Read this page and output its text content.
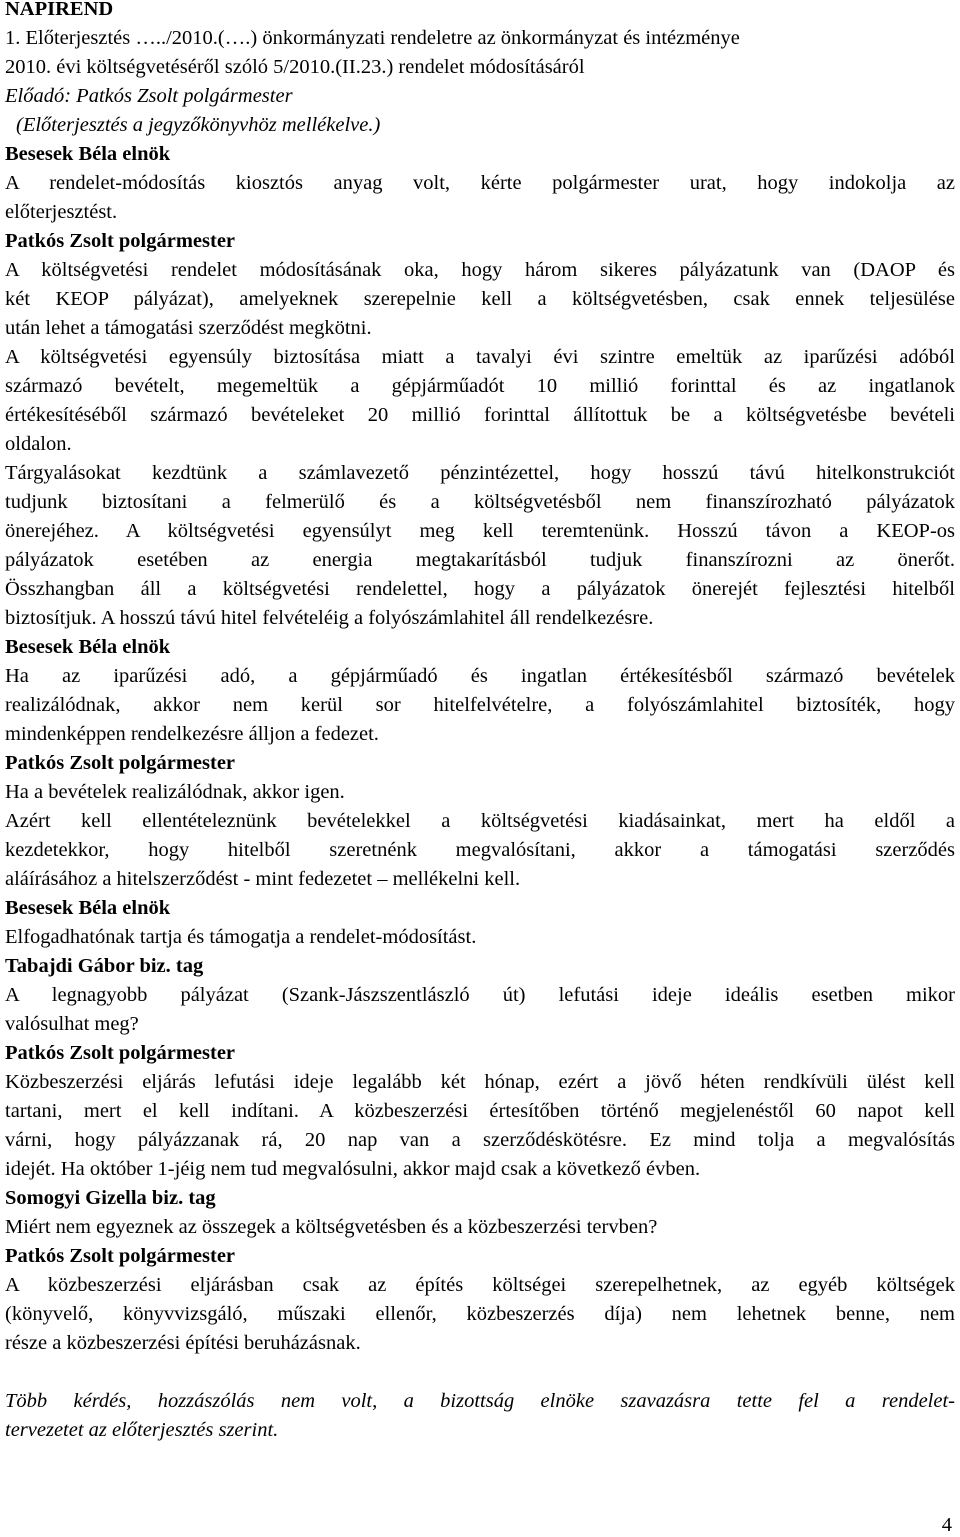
NAPIREND
1. Előterjesztés …../2010.(….) önkormányzati rendeletre az önkormányzat és intézménye
2010. évi költségvetéséről szóló 5/2010.(II.23.) rendelet módosításáról
Előadó: Patkós Zsolt polgármester
(Előterjesztés a jegyzőkönyvhöz mellékelve.)
Besesek Béla elnök
A rendelet-módosítás kiosztós anyag volt, kérte polgármester urat, hogy indokolja az
előterjesztést.
Patkós Zsolt polgármester
A költségvetési rendelet módosításának oka, hogy három sikeres pályázatunk van (DAOP és
két KEOP pályázat), amelyeknek szerepelnie kell a költségvetésben, csak ennek teljesülése
után lehet a támogatási szerződést megkötni.
A költségvetési egyensúly biztosítása miatt a tavalyi évi szintre emeltük az iparűzési adóból
származó bevételt, megemeltük a gépjárműadót 10 millió forinttal és az ingatlanok
értékesítéséből származó bevételeket 20 millió forinttal állítottuk be a költségvetésbe bevételi
oldalon.
Tárgyalásokat kezdtünk a számlavezető pénzintézettel, hogy hosszú távú hitelkonstrukciót
tudjunk biztosítani a felmerülő és a költségvetésből nem finanszírozható pályázatok
önerejéhez. A költségvetési egyensúlyt meg kell teremtenünk. Hosszú távon a KEOP-os
pályázatok esetében az energia megtakarításból tudjuk finanszírozni az önerőt.
Összhangban áll a költségvetési rendelettel, hogy a pályázatok önerejét fejlesztési hitelből
biztosítjuk. A hosszú távú hitel felvételéig a folyószámlahitel áll rendelkezésre.
Besesek Béla elnök
Ha az iparűzési adó, a gépjárműadó és ingatlan értékesítésből származó bevételek
realizálódnak, akkor nem kerül sor hitelfelvételre, a folyószámlahitel biztosíték, hogy
mindenképpen rendelkezésre álljon a fedezet.
Patkós Zsolt polgármester
Ha a bevételek realizálódnak, akkor igen.
Azért kell ellentételeznünk bevételekkel a költségvetési kiadásainkat, mert ha eldől a
kezdetekkor, hogy hitelből szeretnénk megvalósítani, akkor a támogatási szerződés
aláírásához a hitelszerződést - mint fedezetet – mellékelni kell.
Besesek Béla elnök
Elfogadhatónak tartja és támogatja a rendelet-módosítást.
Tabajdi Gábor biz. tag
A legnagyobb pályázat (Szank-Jászszentlászló út) lefutási ideje ideális esetben mikor
valósulhat meg?
Patkós Zsolt polgármester
Közbeszerzési eljárás lefutási ideje legalább két hónap, ezért a jövő héten rendkívüli ülést kell
tartani, mert el kell indítani. A közbeszerzési értesítőben történő megjelenéstől 60 napot kell
várni, hogy pályázzanak rá, 20 nap van a szerződéskötésre. Ez mind tolja a megvalósítás
idejét. Ha október 1-jéig nem tud megvalósulni, akkor majd csak a következő évben.
Somogyi Gizella biz. tag
Miért nem egyeznek az összegek a költségvetésben és a közbeszerzési tervben?
Patkós Zsolt polgármester
A közbeszerzési eljárásban csak az építés költségei szerepelhetnek, az egyéb költségek
(könyvelő, könyvvizsgáló, műszaki ellenőr, közbeszerzés díja) nem lehetnek benne, nem
része a közbeszerzési építési beruházásnak.
Több kérdés, hozzászólás nem volt, a bizottság elnöke szavazásra tette fel a rendelet-
tervezetet az előterjesztés szerint.
4
